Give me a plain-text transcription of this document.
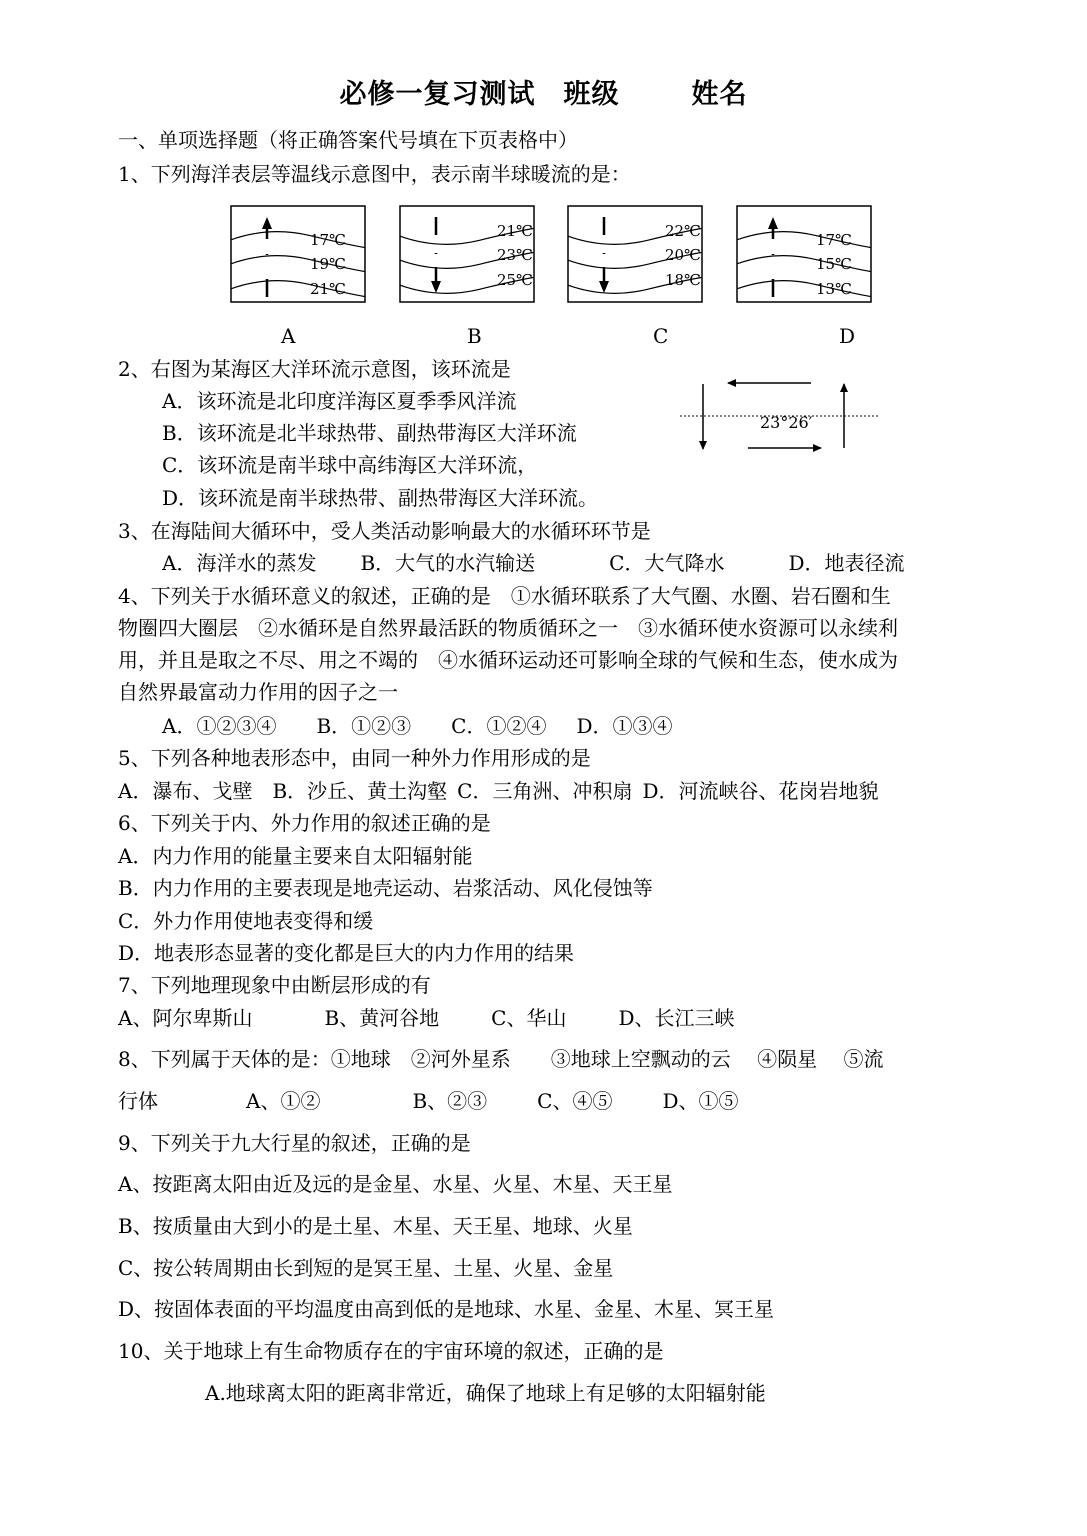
必修一复习测试 班级	姓名
一、单项选择题（将正确答案代号填在下页表格中）
1、下列海洋表层等温线示意图中，表示南半球暖流的是：
17℃
19℃
21℃
A
21℃
23℃
25℃
B
22℃
20℃
18℃
C
17℃
15℃
13℃
D
2、右图为某海区大洋环流示意图，该环流是
A．该环流是北印度洋海区夏季季风洋流
B．该环流是北半球热带、副热带海区大洋环流
C．该环流是南半球中高纬海区大洋环流，
D．该环流是南半球热带、副热带海区大洋环流。
23°26′
3、在海陆间大循环中，受人类活动影响最大的水循环环节是
A．海洋水的蒸发 B．大气的水汽输送	C．大气降水	D．地表径流
4、下列关于水循环意义的叙述，正确的是　①水循环联系了大气圈、水圈、岩石圈和生
物圈四大圈层　②水循环是自然界最活跃的物质循环之一　③水循环使水资源可以永续利
用，并且是取之不尽、用之不竭的　④水循环运动还可影响全球的气候和生态，使水成为
自然界最富动力作用的因子之一
A．①②③④ B．①②③ C．①②④ D．①③④
5、下列各种地表形态中，由同一种外力作用形成的是
A．瀑布、戈壁 B．沙丘、黄土沟壑 C．三角洲、冲积扇 D．河流峡谷、花岗岩地貌
6、下列关于内、外力作用的叙述正确的是
A．内力作用的能量主要来自太阳辐射能
B．内力作用的主要表现是地壳运动、岩浆活动、风化侵蚀等
C．外力作用使地表变得和缓
D．地表形态显著的变化都是巨大的内力作用的结果
7、下列地理现象中由断层形成的有
A、阿尔卑斯山	B、黄河谷地	C、华山	D、长江三峡
8、下列属于天体的是：①地球　②河外星系　　③地球上空飘动的云　 ④陨星　 ⑤流
行体	A、①②	B、②③	C、④⑤	D、①⑤
9、下列关于九大行星的叙述，正确的是
A、按距离太阳由近及远的是金星、水星、火星、木星、天王星
B、按质量由大到小的是土星、木星、天王星、地球、火星
C、按公转周期由长到短的是冥王星、土星、火星、金星
D、按固体表面的平均温度由高到低的是地球、水星、金星、木星、冥王星
10、关于地球上有生命物质存在的宇宙环境的叙述，正确的是
A.地球离太阳的距离非常近，确保了地球上有足够的太阳辐射能
